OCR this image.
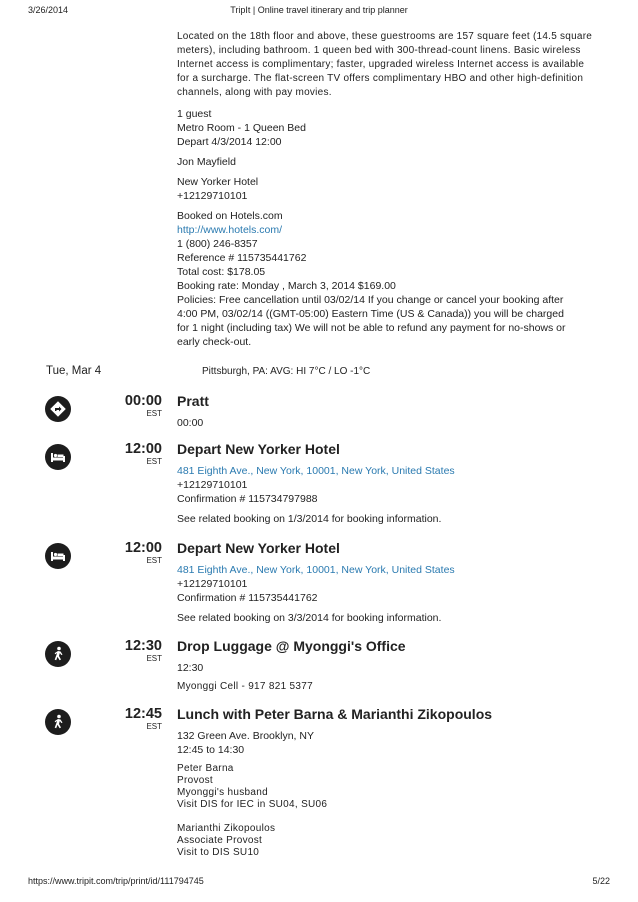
3/26/2014	TripIt | Online travel itinerary and trip planner
Located on the 18th floor and above, these guestrooms are 157 square feet (14.5 square meters), including bathroom. 1 queen bed with 300-thread-count linens. Basic wireless Internet access is complimentary; faster, upgraded wireless Internet access is available for a surcharge. The flat-screen TV offers complimentary HBO and other high-definition channels, along with pay movies.
1 guest
Metro Room - 1 Queen Bed
Depart 4/3/2014 12:00
Jon Mayfield
New Yorker Hotel
+12129710101
Booked on Hotels.com
http://www.hotels.com/
1 (800) 246-8357
Reference # 115735441762
Total cost: $178.05
Booking rate: Monday , March 3, 2014 $169.00
Policies: Free cancellation until 03/02/14 If you change or cancel your booking after
4:00 PM, 03/02/14 ((GMT-05:00) Eastern Time (US & Canada)) you will be charged
for 1 night (including tax) We will not be able to refund any payment for no-shows or
early check-out.
Tue, Mar 4	Pittsburgh, PA: AVG: HI 7°C / LO -1°C
00:00
EST
Pratt
00:00
12:00
EST
Depart New Yorker Hotel
481 Eighth Ave., New York, 10001, New York, United States
+12129710101
Confirmation # 115734797988
See related booking on 1/3/2014 for booking information.
12:00
EST
Depart New Yorker Hotel
481 Eighth Ave., New York, 10001, New York, United States
+12129710101
Confirmation # 115735441762
See related booking on 3/3/2014 for booking information.
12:30
EST
Drop Luggage @ Myonggi's Office
12:30
Myonggi Cell - 917 821 5377
12:45
EST
Lunch with Peter Barna & Marianthi Zikopoulos
132 Green Ave. Brooklyn, NY
12:45 to 14:30
Peter Barna
Provost
Myonggi's husband
Visit DIS for IEC in SU04, SU06
Marianthi Zikopoulos
Associate Provost
Visit to DIS SU10
https://www.tripit.com/trip/print/id/111794745	5/22
